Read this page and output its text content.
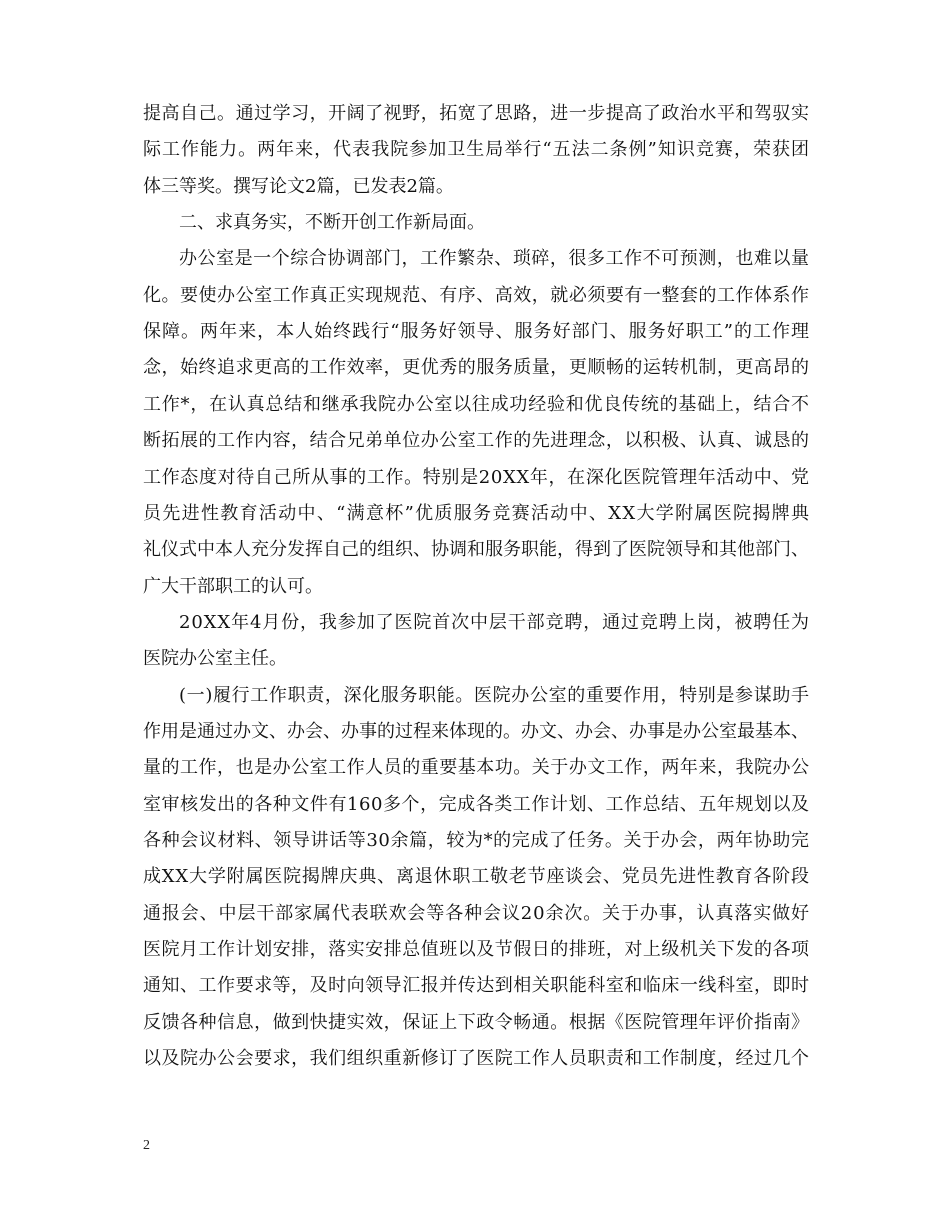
提高自己。通过学习，开阔了视野，拓宽了思路，进一步提高了政治水平和驾驭实
际工作能力。两年来，代表我院参加卫生局举行“五法二条例”知识竞赛，荣获团
体三等奖。撰写论文2篇，已发表2篇。
二、求真务实，不断开创工作新局面。
办公室是一个综合协调部门，工作繁杂、琐碎，很多工作不可预测，也难以量
化。要使办公室工作真正实现规范、有序、高效，就必须要有一整套的工作体系作
保障。两年来，本人始终践行“服务好领导、服务好部门、服务好职工”的工作理
念，始终追求更高的工作效率，更优秀的服务质量，更顺畅的运转机制，更高昂的
工作*，在认真总结和继承我院办公室以往成功经验和优良传统的基础上，结合不
断拓展的工作内容，结合兄弟单位办公室工作的先进理念，以积极、认真、诚恳的
工作态度对待自己所从事的工作。特别是20XX年，在深化医院管理年活动中、党
员先进性教育活动中、“满意杯”优质服务竞赛活动中、XX大学附属医院揭牌典
礼仪式中本人充分发挥自己的组织、协调和服务职能，得到了医院领导和其他部门、
广大干部职工的认可。
20XX年4月份，我参加了医院首次中层干部竞聘，通过竞聘上岗，被聘任为
医院办公室主任。
(一)履行工作职责，深化服务职能。医院办公室的重要作用，特别是参谋助手
作用是通过办文、办会、办事的过程来体现的。办文、办会、办事是办公室最基本、
量的工作，也是办公室工作人员的重要基本功。关于办文工作，两年来，我院办公
室审核发出的各种文件有160多个，完成各类工作计划、工作总结、五年规划以及
各种会议材料、领导讲话等30余篇，较为*的完成了任务。关于办会，两年协助完
成XX大学附属医院揭牌庆典、离退休职工敬老节座谈会、党员先进性教育各阶段
通报会、中层干部家属代表联欢会等各种会议20余次。关于办事，认真落实做好
医院月工作计划安排，落实安排总值班以及节假日的排班，对上级机关下发的各项
通知、工作要求等，及时向领导汇报并传达到相关职能科室和临床一线科室，即时
反馈各种信息，做到快捷实效，保证上下政令畅通。根据《医院管理年评价指南》
以及院办公会要求，我们组织重新修订了医院工作人员职责和工作制度，经过几个
2
